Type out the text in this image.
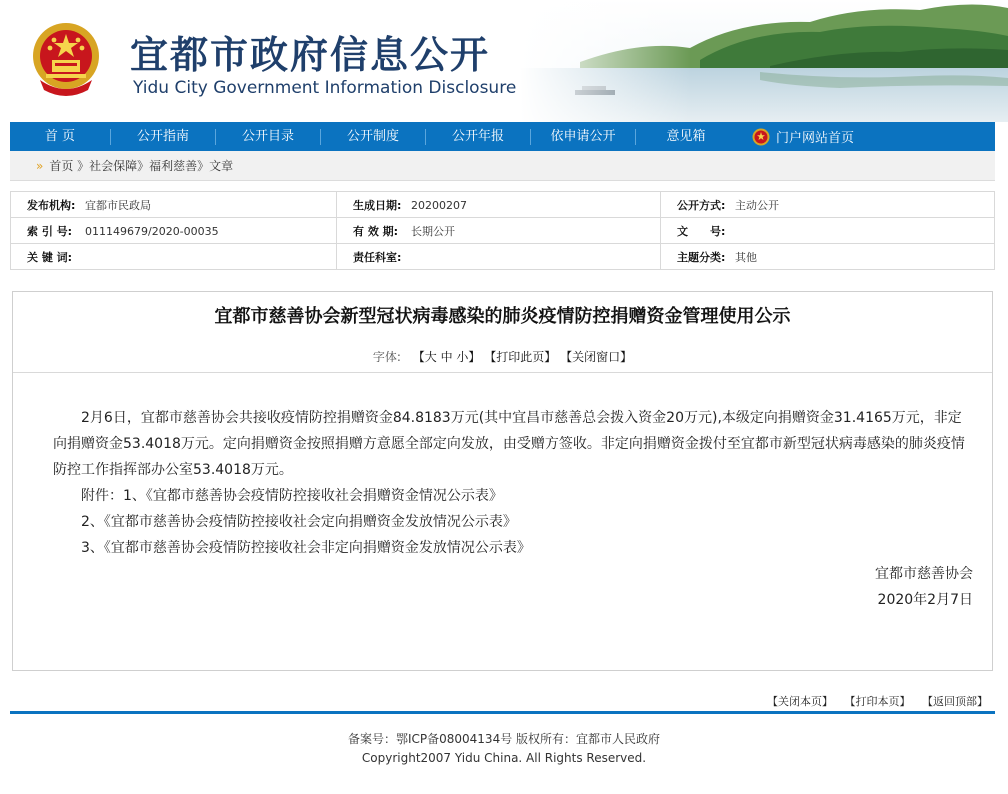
宜都市政府信息公开
Yidu City Government Information Disclosure
首 页	公开指南	公开目录	公开制度	公开年报	依申请公开	意见箱	门户网站首页
» 首页 》社会保障》福利慈善》文章
发布机构: 宜都市民政局	生成日期: 20200207	公开方式: 主动公开
索 引 号: 011149679/2020-00035	有 效 期: 长期公开	文　　号:
关 键 词:	责任科室:	主题分类: 其他
宜都市慈善协会新型冠状病毒感染的肺炎疫情防控捐赠资金管理使用公示
字体: 【大 中 小】 【打印此页】 【关闭窗口】

2月6日，宜都市慈善协会共接收疫情防控捐赠资金84.8183万元(其中宜昌市慈善总会拨入资金20万元),本级定向捐赠资金31.4165万元，非定向捐赠资金53.4018万元。定向捐赠资金按照捐赠方意愿全部定向发放，由受赠方签收。非定向捐赠资金拨付至宜都市新型冠状病毒感染的肺炎疫情防控工作指挥部办公室53.4018万元。

附件：1、《宜都市慈善协会疫情防控接收社会捐赠资金情况公示表》

2、《宜都市慈善协会疫情防控接收社会定向捐赠资金发放情况公示表》

3、《宜都市慈善协会疫情防控接收社会非定向捐赠资金发放情况公示表》

宜都市慈善协会

2020年2月7日

【关闭本页】 【打印本页】 【返回顶部】
备案号：鄂ICP备08004134号 版权所有：宜都市人民政府
Copyright2007 Yidu China. All Rights Reserved.
